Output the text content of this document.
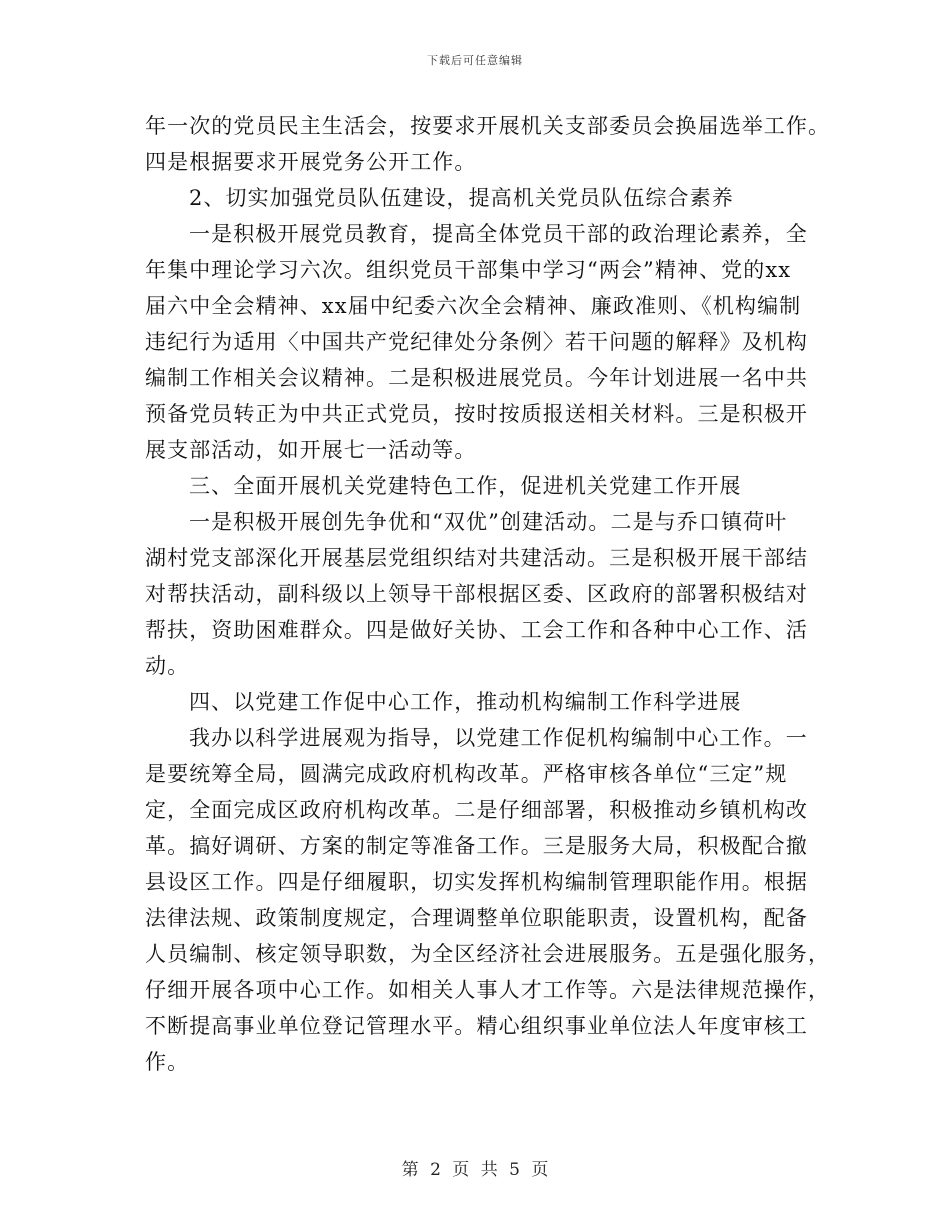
下载后可任意编辑
年一次的党员民主生活会，按要求开展机关支部委员会换届选举工作。
四是根据要求开展党务公开工作。
2、切实加强党员队伍建设，提高机关党员队伍综合素养
一是积极开展党员教育，提高全体党员干部的政治理论素养，全
年集中理论学习六次。组织党员干部集中学习“两会”精神、党的xx
届六中全会精神、xx届中纪委六次全会精神、廉政准则、《机构编制
违纪行为适用〈中国共产党纪律处分条例〉若干问题的解释》及机构
编制工作相关会议精神。二是积极进展党员。今年计划进展一名中共
预备党员转正为中共正式党员，按时按质报送相关材料。三是积极开
展支部活动，如开展七一活动等。
三、全面开展机关党建特色工作，促进机关党建工作开展
一是积极开展创先争优和“双优”创建活动。二是与乔口镇荷叶
湖村党支部深化开展基层党组织结对共建活动。三是积极开展干部结
对帮扶活动，副科级以上领导干部根据区委、区政府的部署积极结对
帮扶，资助困难群众。四是做好关协、工会工作和各种中心工作、活
动。
四、以党建工作促中心工作，推动机构编制工作科学进展
我办以科学进展观为指导，以党建工作促机构编制中心工作。一
是要统筹全局，圆满完成政府机构改革。严格审核各单位“三定”规
定，全面完成区政府机构改革。二是仔细部署，积极推动乡镇机构改
革。搞好调研、方案的制定等准备工作。三是服务大局，积极配合撤
县设区工作。四是仔细履职，切实发挥机构编制管理职能作用。根据
法律法规、政策制度规定，合理调整单位职能职责，设置机构，配备
人员编制、核定领导职数，为全区经济社会进展服务。五是强化服务，
仔细开展各项中心工作。如相关人事人才工作等。六是法律规范操作，
不断提高事业单位登记管理水平。精心组织事业单位法人年度审核工
作。
第 2 页 共 5 页
